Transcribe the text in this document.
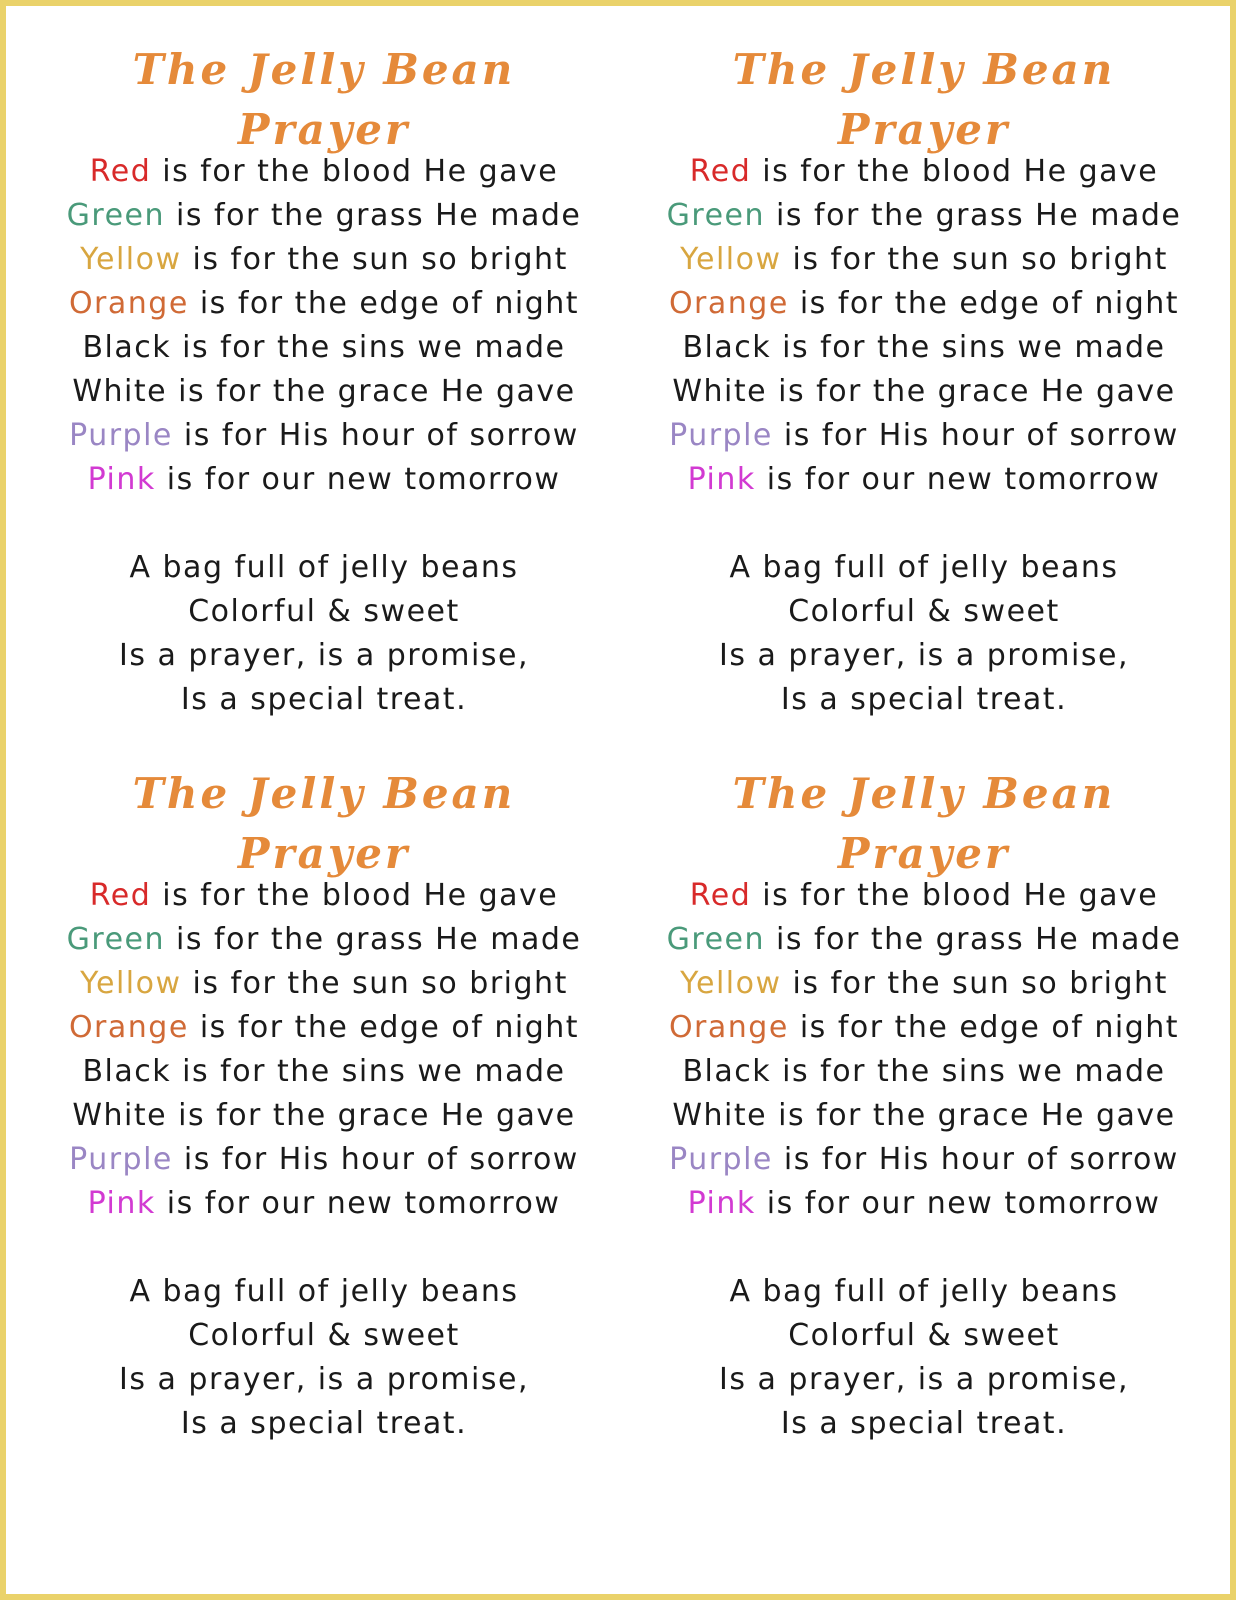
The Jelly Bean Prayer
Red is for the blood He gave
Green is for the grass He made
Yellow is for the sun so bright
Orange is for the edge of night
Black is for the sins we made
White is for the grace He gave
Purple is for His hour of sorrow
Pink is for our new tomorrow
A bag full of jelly beans
Colorful & sweet
Is a prayer, is a promise,
Is a special treat.
The Jelly Bean Prayer
Red is for the blood He gave
Green is for the grass He made
Yellow is for the sun so bright
Orange is for the edge of night
Black is for the sins we made
White is for the grace He gave
Purple is for His hour of sorrow
Pink is for our new tomorrow
A bag full of jelly beans
Colorful & sweet
Is a prayer, is a promise,
Is a special treat.
The Jelly Bean Prayer
Red is for the blood He gave
Green is for the grass He made
Yellow is for the sun so bright
Orange is for the edge of night
Black is for the sins we made
White is for the grace He gave
Purple is for His hour of sorrow
Pink is for our new tomorrow
A bag full of jelly beans
Colorful & sweet
Is a prayer, is a promise,
Is a special treat.
The Jelly Bean Prayer
Red is for the blood He gave
Green is for the grass He made
Yellow is for the sun so bright
Orange is for the edge of night
Black is for the sins we made
White is for the grace He gave
Purple is for His hour of sorrow
Pink is for our new tomorrow
A bag full of jelly beans
Colorful & sweet
Is a prayer, is a promise,
Is a special treat.
